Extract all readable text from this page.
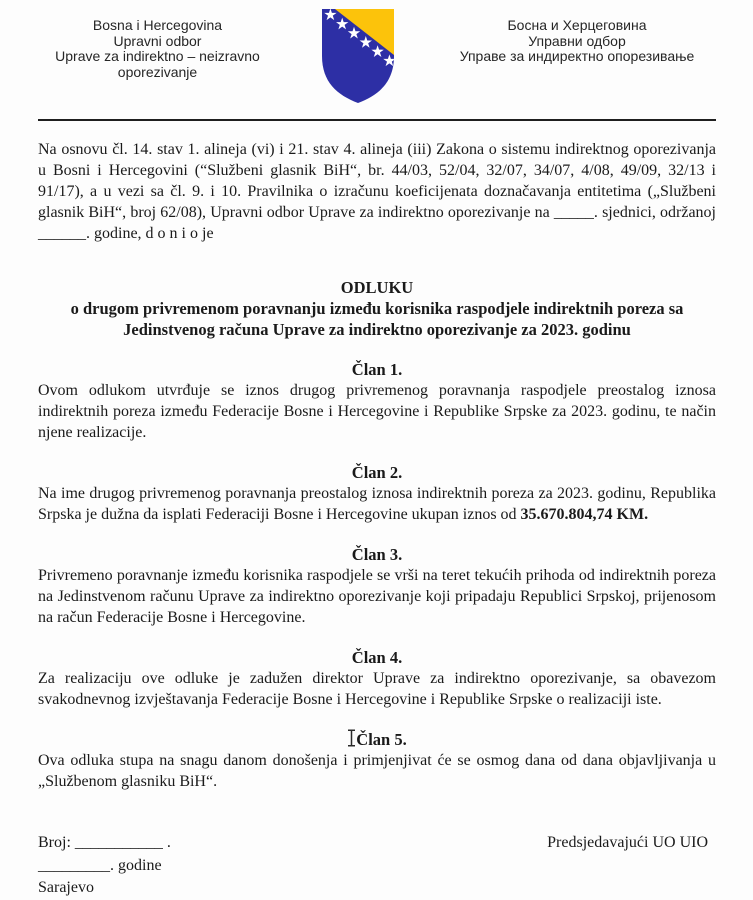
Bosna i Hercegovina
Upravni odbor
Uprave za indirektno – neizravno
oporezivanje
Босна и Херцеговина
Управни одбор
Управе за индиректно опорезивање

Na osnovu čl. 14. stav 1. alineja (vi) i 21. stav 4. alineja (iii) Zakona o sistemu indirektnog oporezivanja u Bosni i Hercegovini (“Službeni glasnik BiH“, br. 44/03, 52/04, 32/07, 34/07, 4/08, 49/09, 32/13 i 91/17), a u vezi sa čl. 9. i 10. Pravilnika o izračunu koeficijenata doznačavanja entitetima („Službeni glasnik BiH“, broj 62/08), Upravni odbor Uprave za indirektno oporezivanje na _____. sjednici, održanoj ______. godine, d o n i o je

ODLUKU
o drugom privremenom poravnanju između korisnika raspodjele indirektnih poreza sa Jedinstvenog računa Uprave za indirektno oporezivanje za 2023. godinu
Član 1.

Ovom odlukom utvrđuje se iznos drugog privremenog poravnanja raspodjele preostalog iznosa indirektnih poreza između Federacije Bosne i Hercegovine i Republike Srpske za 2023. godinu, te način njene realizacije.

Član 2.

Na ime drugog privremenog poravnanja preostalog iznosa indirektnih poreza za 2023. godinu, Republika Srpska je dužna da isplati Federaciji Bosne i Hercegovine ukupan iznos od 35.670.804,74 KM.

Član 3.

Privremeno poravnanje između korisnika raspodjele se vrši na teret tekućih prihoda od indirektnih poreza na Jedinstvenom računu Uprave za indirektno oporezivanje koji pripadaju Republici Srpskoj, prijenosom na račun Federacije Bosne i Hercegovine.

Član 4.

Za realizaciju ove odluke je zadužen direktor Uprave za indirektno oporezivanje, sa obavezom svakodnevnog izvještavanja Federacije Bosne i Hercegovine i Republike Srpske o realizaciji iste.

Član 5.

Ova odluka stupa na snagu danom donošenja i primjenjivat će se osmog dana od dana objavljivanja u „Službenom glasniku BiH“.

Broj: ___________ .
_________. godine
Sarajevo
Predsjedavajući UO UIO
